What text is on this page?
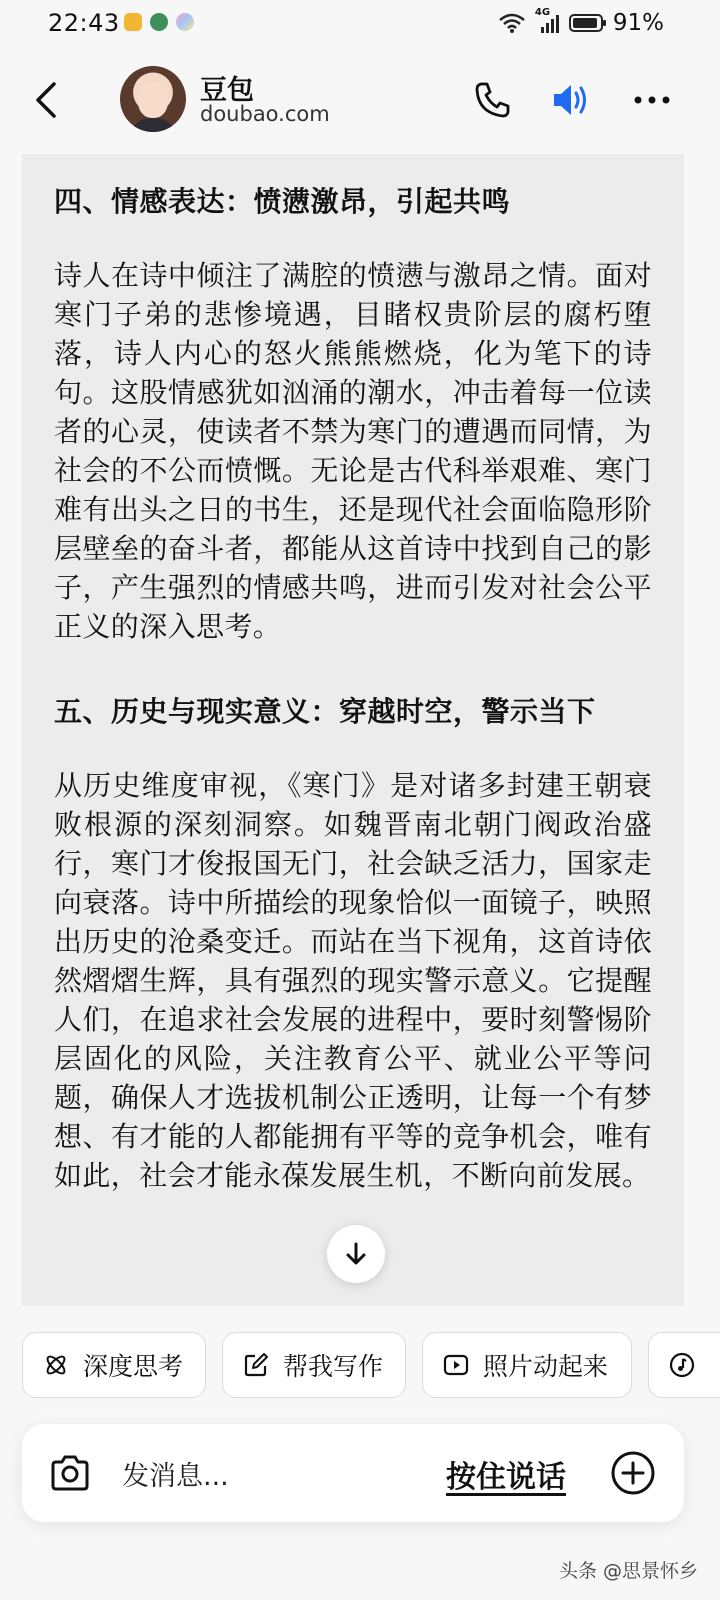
22:43	4G	91%
豆包
doubao.com
四、情感表达：愤懑激昂，引起共鸣

诗人在诗中倾注了满腔的愤懑与激昂之情。面对寒门子弟的悲惨境遇，目睹权贵阶层的腐朽堕落，诗人内心的怒火熊熊燃烧，化为笔下的诗句。这股情感犹如汹涌的潮水，冲击着每一位读者的心灵，使读者不禁为寒门的遭遇而同情，为社会的不公而愤慨。无论是古代科举艰难、寒门难有出头之日的书生，还是现代社会面临隐形阶层壁垒的奋斗者，都能从这首诗中找到自己的影子，产生强烈的情感共鸣，进而引发对社会公平正义的深入思考。

五、历史与现实意义：穿越时空，警示当下

从历史维度审视，《寒门》是对诸多封建王朝衰败根源的深刻洞察。如魏晋南北朝门阀政治盛行，寒门才俊报国无门，社会缺乏活力，国家走向衰落。诗中所描绘的现象恰似一面镜子，映照出历史的沧桑变迁。而站在当下视角，这首诗依然熠熠生辉，具有强烈的现实警示意义。它提醒人们，在追求社会发展的进程中，要时刻警惕阶层固化的风险，关注教育公平、就业公平等问题，确保人才选拔机制公正透明，让每一个有梦想、有才能的人都能拥有平等的竞争机会，唯有如此，社会才能永葆发展生机，不断向前发展。

深度思考	帮我写作	照片动起来
发消息...	按住说话
头条 @思景怀乡
